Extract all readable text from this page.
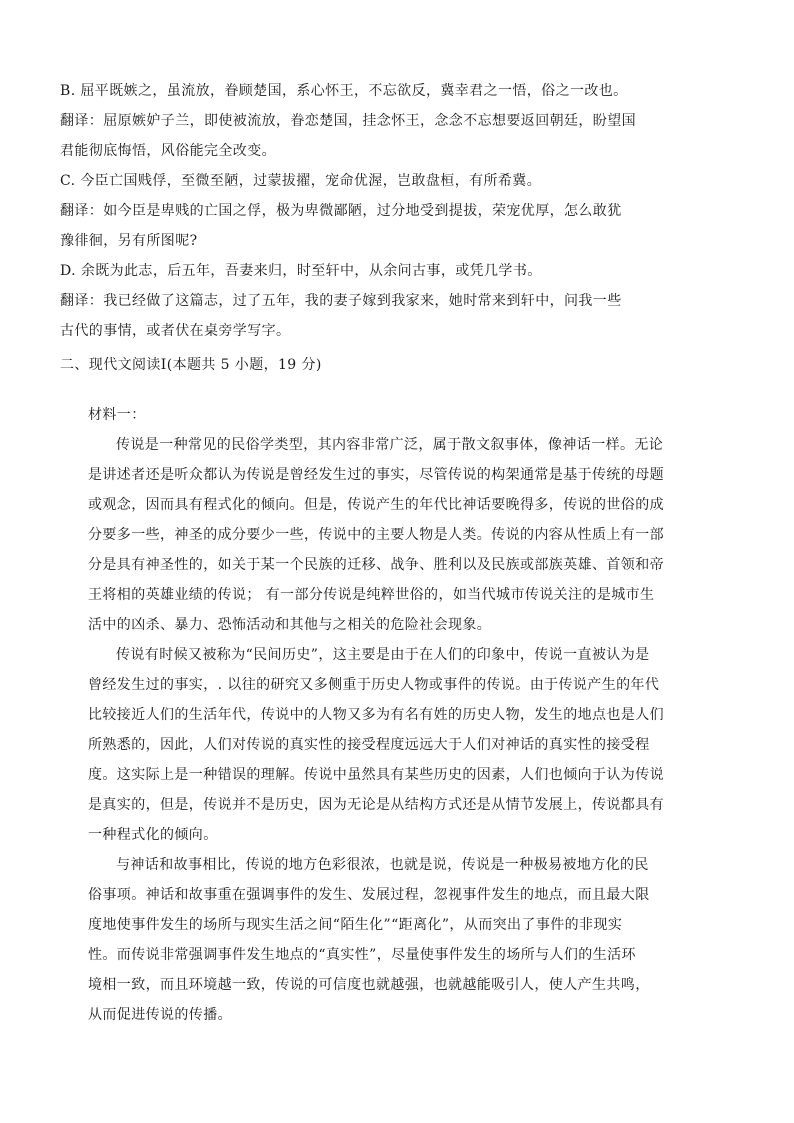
B. 屈平既嫉之，虽流放，眷顾楚国，系心怀王，不忘欲反，冀幸君之一悟，俗之一改也。
翻译：屈原嫉妒子兰，即使被流放，眷恋楚国，挂念怀王，念念不忘想要返回朝廷，盼望国
君能彻底悔悟，风俗能完全改变。
C. 今臣亡国贱俘，至微至陋，过蒙拔擢，宠命优渥，岂敢盘桓，有所希冀。
翻译：如今臣是卑贱的亡国之俘，极为卑微鄙陋，过分地受到提拔，荣宠优厚，怎么敢犹
豫徘徊，另有所图呢?
D. 余既为此志，后五年，吾妻来归，时至轩中，从余问古事，或凭几学书。
翻译：我已经做了这篇志，过了五年，我的妻子嫁到我家来，她时常来到轩中，问我一些
古代的事情，或者伏在桌旁学写字。
二、现代文阅读Ⅰ(本题共 5 小题，19 分)
材料一：
传说是一种常见的民俗学类型，其内容非常广泛，属于散文叙事体，像神话一样。无论
是讲述者还是听众都认为传说是曾经发生过的事实，尽管传说的构架通常是基于传统的母题
或观念，因而具有程式化的倾向。但是，传说产生的年代比神话要晚得多，传说的世俗的成
分要多一些，神圣的成分要少一些，传说中的主要人物是人类。传说的内容从性质上有一部
分是具有神圣性的，如关于某一个民族的迁移、战争、胜利以及民族或部族英雄、首领和帝
王将相的英雄业绩的传说； 有一部分传说是纯粹世俗的，如当代城市传说关注的是城市生
活中的凶杀、暴力、恐怖活动和其他与之相关的危险社会现象。
传说有时候又被称为“民间历史”，这主要是由于在人们的印象中，传说一直被认为是
曾经发生过的事实，. 以往的研究又多侧重于历史人物或事件的传说。由于传说产生的年代
比较接近人们的生活年代，传说中的人物又多为有名有姓的历史人物，发生的地点也是人们
所熟悉的，因此，人们对传说的真实性的接受程度远远大于人们对神话的真实性的接受程
度。这实际上是一种错误的理解。传说中虽然具有某些历史的因素，人们也倾向于认为传说
是真实的，但是，传说并不是历史，因为无论是从结构方式还是从情节发展上，传说都具有
一种程式化的倾向。
与神话和故事相比，传说的地方色彩很浓，也就是说，传说是一种极易被地方化的民
俗事项。神话和故事重在强调事件的发生、发展过程，忽视事件发生的地点，而且最大限
度地使事件发生的场所与现实生活之间“陌生化”“距离化”，从而突出了事件的非现实
性。而传说非常强调事件发生地点的“真实性”，尽量使事件发生的场所与人们的生活环
境相一致，而且环境越一致，传说的可信度也就越强，也就越能吸引人，使人产生共鸣，
从而促进传说的传播。
